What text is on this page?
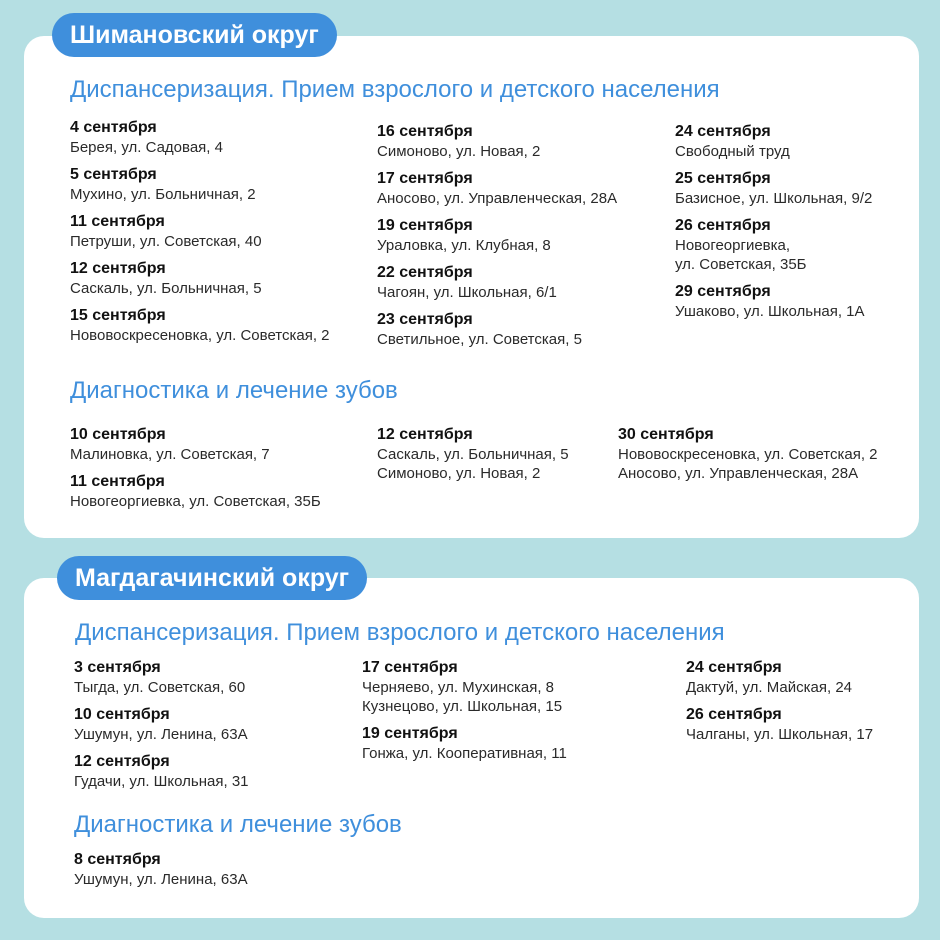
Шимановский округ
Магдагачинский округ
Диспансеризация. Прием взрослого и детского населения
4 сентября
Берея, ул. Садовая, 4
5 сентября
Мухино, ул. Больничная, 2
11 сентября
Петруши, ул. Советская, 40
12 сентября
Саскаль, ул. Больничная, 5
15 сентября
Нововоскресеновка, ул. Советская, 2
16 сентября
Симоново, ул. Новая, 2
17 сентября
Аносово, ул. Управленческая, 28А
19 сентября
Ураловка, ул. Клубная, 8
22 сентября
Чагоян, ул. Школьная, 6/1
23 сентября
Светильное, ул. Советская, 5
24 сентября
Свободный труд
25 сентября
Базисное, ул. Школьная, 9/2
26 сентября
Новогеоргиевка,
ул. Советская, 35Б
29 сентября
Ушаково, ул. Школьная, 1А
Диагностика и лечение зубов
10 сентября
Малиновка, ул. Советская, 7
11 сентября
Новогеоргиевка, ул. Советская, 35Б
12 сентября
Саскаль, ул. Больничная, 5
Симоново, ул. Новая, 2
30 сентября
Нововоскресеновка, ул. Советская, 2
Аносово, ул. Управленческая, 28А
Диспансеризация. Прием взрослого и детского населения
3 сентября
Тыгда, ул. Советская, 60
10 сентября
Ушумун, ул. Ленина, 63А
12 сентября
Гудачи, ул. Школьная, 31
17 сентября
Черняево, ул. Мухинская, 8
Кузнецово, ул. Школьная, 15
19 сентября
Гонжа, ул. Кооперативная, 11
24 сентября
Дактуй, ул. Майская, 24
26 сентября
Чалганы, ул. Школьная, 17
Диагностика и лечение зубов
8 сентября
Ушумун, ул. Ленина, 63А
